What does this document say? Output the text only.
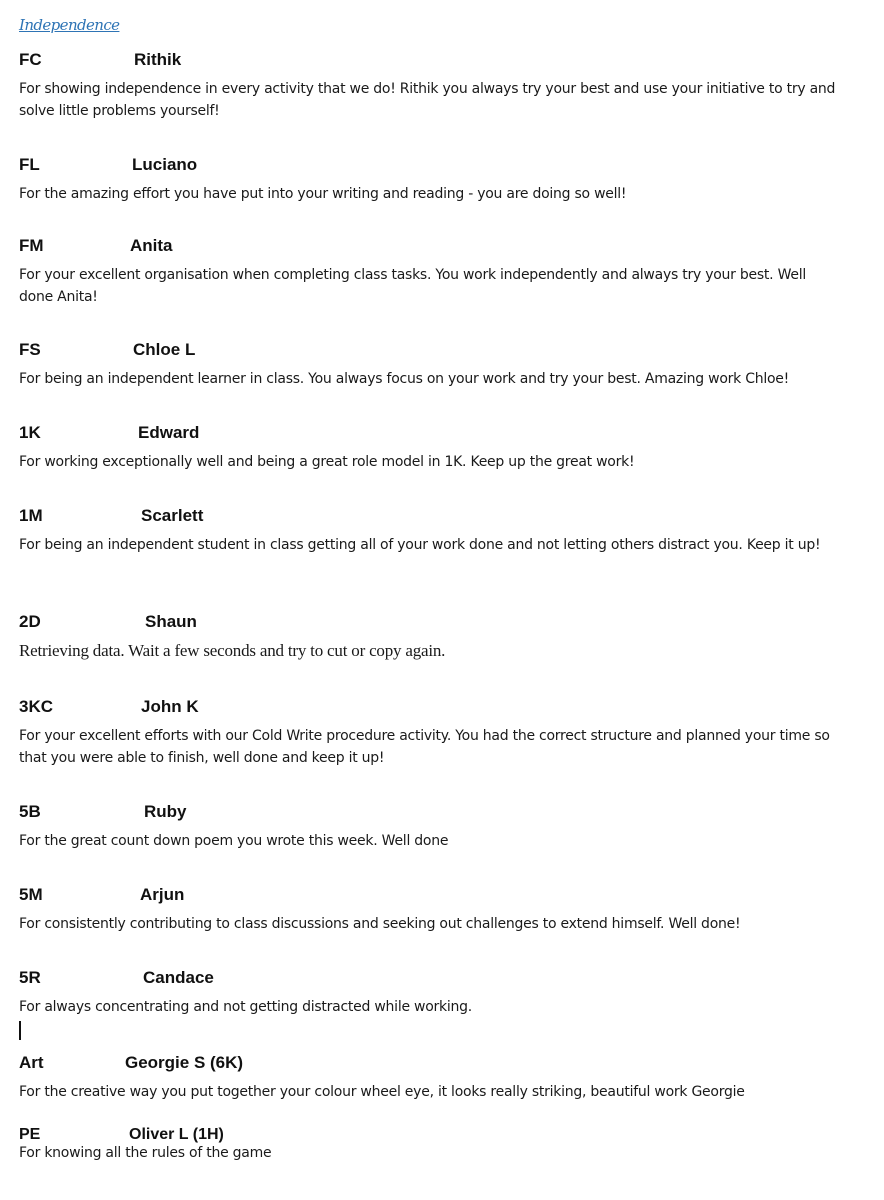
Independence
FC	Rithik
For showing independence in every activity that we do! Rithik you always try your best and use your initiative to try and solve little problems yourself!
FL	Luciano
For the amazing effort you have put into your writing and reading - you are doing so well!
FM	Anita
For your excellent organisation when completing class tasks. You work independently and always try your best. Well done Anita!
FS	Chloe L
For being an independent learner in class. You always focus on your work and try your best. Amazing work Chloe!
1K	Edward
For working exceptionally well and being a great role model in 1K. Keep up the great work!
1M	Scarlett
For being an independent student in class getting all of your work done and not letting others distract you. Keep it up!
2D	Shaun
Retrieving data. Wait a few seconds and try to cut or copy again.
3KC	John K
For your excellent efforts with our Cold Write procedure activity. You had the correct structure and planned your time so that you were able to finish, well done and keep it up!
5B	Ruby
For the great count down poem you wrote this week. Well done
5M	Arjun
For consistently contributing to class discussions and seeking out challenges to extend himself. Well done!
5R	Candace
For always concentrating and not getting distracted while working.
Art	Georgie S (6K)
For the creative way you put together your colour wheel eye, it looks really striking, beautiful work Georgie
PE	Oliver L (1H)
For knowing all the rules of the game
